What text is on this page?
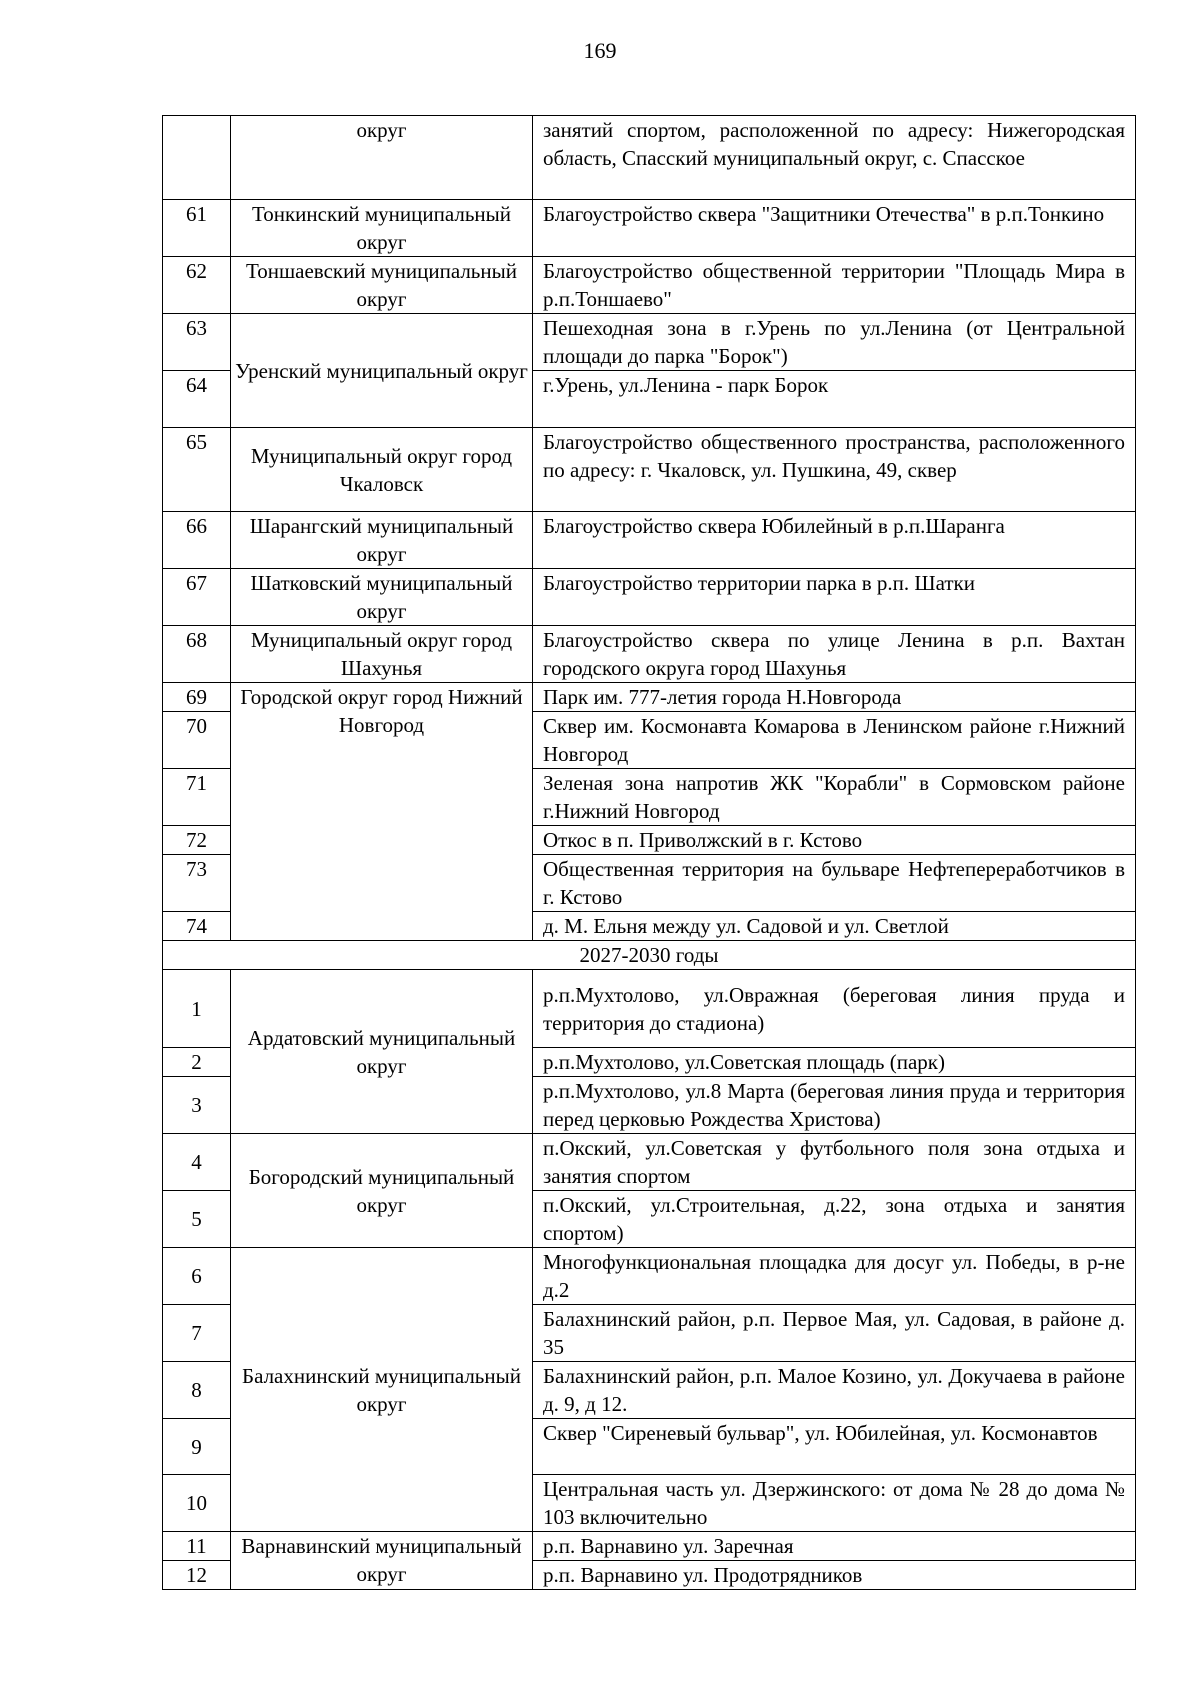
169
	округ	занятий спортом, расположенной по адресу: Нижегородская область, Спасский муниципальный округ, с. Спасское
61	Тонкинский муниципальный округ	Благоустройство сквера "Защитники Отечества" в р.п.Тонкино
62	Тоншаевский муниципальный округ	Благоустройство общественной территории "Площадь Мира в р.п.Тоншаево"
63	Уренский муниципальный округ	Пешеходная зона в г.Урень по ул.Ленина (от Центральной площади до парка "Борок")
64		г.Урень, ул.Ленина - парк Борок
65	Муниципальный округ город Чкаловск	Благоустройство общественного пространства, расположенного по адресу: г. Чкаловск, ул. Пушкина, 49, сквер
66	Шарангский муниципальный округ	Благоустройство сквера Юбилейный в р.п.Шаранга
67	Шатковский муниципальный округ	Благоустройство территории парка в р.п. Шатки
68	Муниципальный округ город Шахунья	Благоустройство сквера по улице Ленина в р.п. Вахтан городского округа город Шахунья
69	Городской округ город Нижний Новгород	Парк им. 777-летия города Н.Новгорода
70		Сквер им. Космонавта Комарова в Ленинском районе г.Нижний Новгород
71		Зеленая зона напротив ЖК "Корабли" в Сормовском районе г.Нижний Новгород
72		Откос в п. Приволжский в г. Кстово
73		Общественная территория на бульваре Нефтепереработчиков в г. Кстово
74		д. М. Ельня между ул. Садовой и ул. Светлой
2027-2030 годы		
1	Ардатовский муниципальный округ	р.п.Мухтолово, ул.Овражная (береговая линия пруда и территория до стадиона)
2		р.п.Мухтолово, ул.Советская площадь (парк)
3		р.п.Мухтолово, ул.8 Марта (береговая линия пруда и территория перед церковью Рождества Христова)
4	Богородский муниципальный округ	п.Окский, ул.Советская у футбольного поля зона отдыха и занятия спортом
5		п.Окский, ул.Строительная, д.22, зона отдыха и занятия спортом)
6	Балахнинский муниципальный округ	Многофункциональная площадка для досуг ул. Победы, в р-не д.2
7		Балахнинский район, р.п. Первое Мая, ул. Садовая, в районе д. 35
8		Балахнинский район, р.п. Малое Козино, ул. Докучаева в районе д. 9, д 12.
9		Сквер "Сиреневый бульвар", ул. Юбилейная, ул. Космонавтов
10		Центральная часть ул. Дзержинского: от дома № 28 до дома № 103 включительно
11	Варнавинский муниципальный округ	р.п. Варнавино ул. Заречная
12		р.п. Варнавино ул. Продотрядников
